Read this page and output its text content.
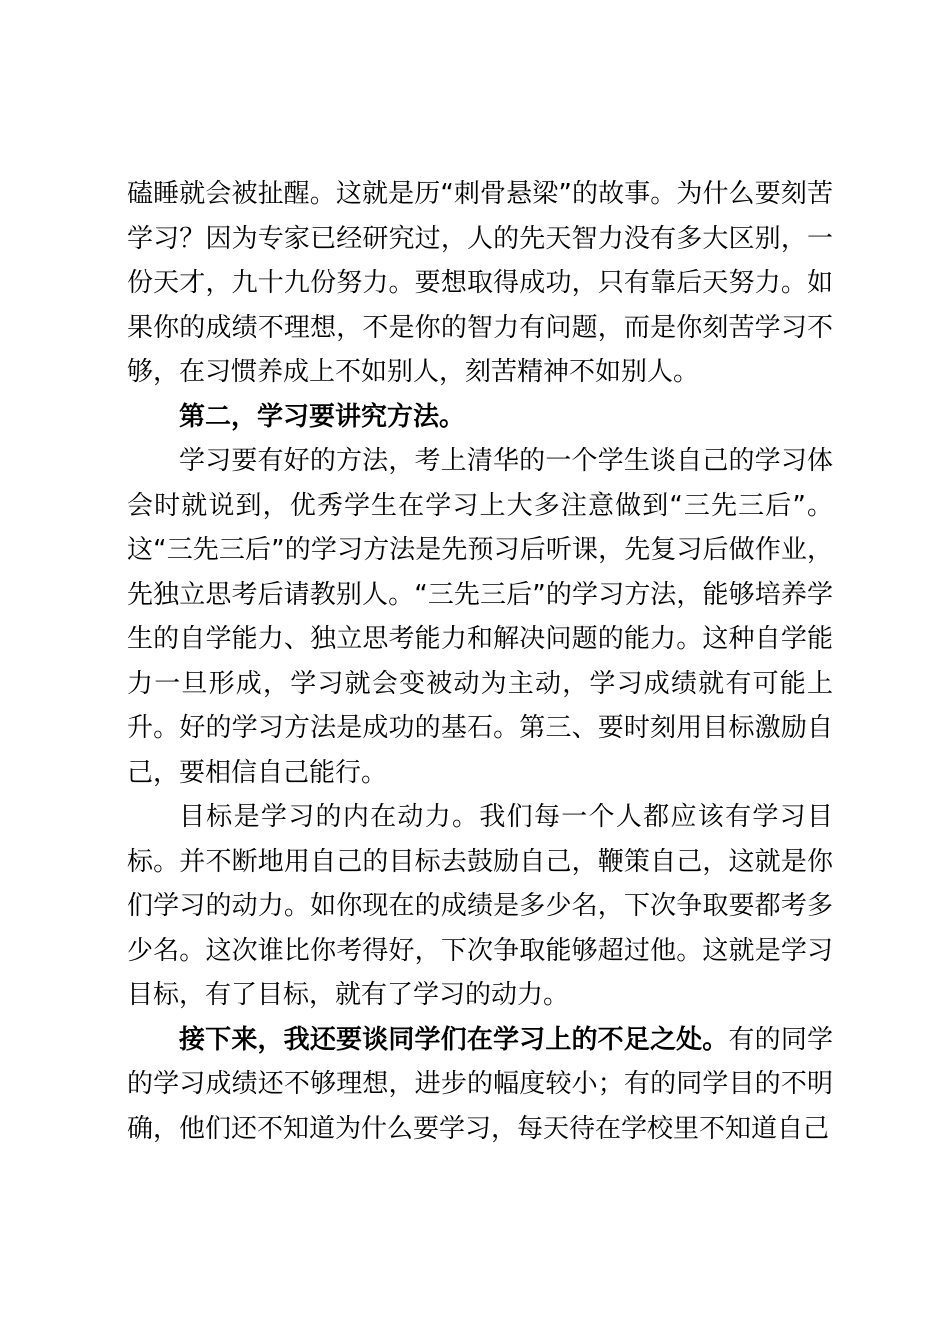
磕睡就会被扯醒。这就是历“刺骨悬梁”的故事。为什么要刻苦学习？因为专家已经研究过，人的先天智力没有多大区别，一份天才，九十九份努力。要想取得成功，只有靠后天努力。如果你的成绩不理想，不是你的智力有问题，而是你刻苦学习不够，在习惯养成上不如别人，刻苦精神不如别人。

第二，学习要讲究方法。

学习要有好的方法，考上清华的一个学生谈自己的学习体会时就说到，优秀学生在学习上大多注意做到“三先三后”。这“三先三后”的学习方法是先预习后听课，先复习后做作业，先独立思考后请教别人。“三先三后”的学习方法，能够培养学生的自学能力、独立思考能力和解决问题的能力。这种自学能力一旦形成，学习就会变被动为主动，学习成绩就有可能上升。好的学习方法是成功的基石。第三、要时刻用目标激励自己，要相信自己能行。

目标是学习的内在动力。我们每一个人都应该有学习目标。并不断地用自己的目标去鼓励自己，鞭策自己，这就是你们学习的动力。如你现在的成绩是多少名，下次争取要都考多少名。这次谁比你考得好，下次争取能够超过他。这就是学习目标，有了目标，就有了学习的动力。

接下来，我还要谈同学们在学习上的不足之处。有的同学的学习成绩还不够理想，进步的幅度较小；有的同学目的不明确，他们还不知道为什么要学习，每天待在学校里不知道自己
